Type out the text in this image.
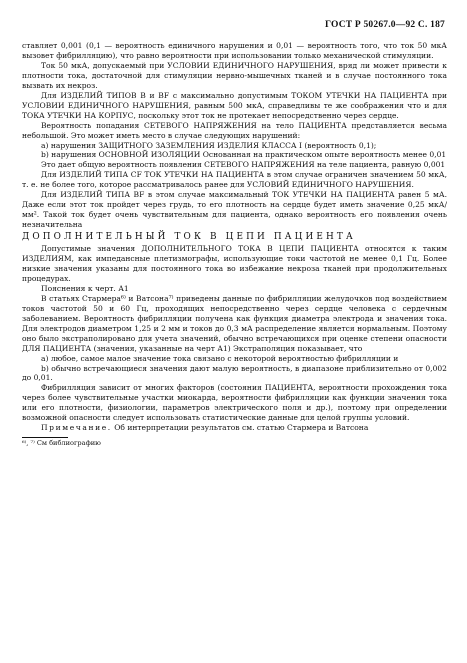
ГОСТ Р 50267.0—92 С. 187

ставляет 0,001 (0,1 — вероятность единичного нарушения и 0,01 — вероятность того, что ток 50 мкА вызовет фибрилляцию), что равно вероятности при использовании только механической стимуляции.

Ток 50 мкА, допускаемый при УСЛОВИИ ЕДИНИЧНОГО НАРУШЕНИЯ, вряд ли может привести к плотности тока, достаточной для стимуляции нервно-мышечных тканей и в случае постоянного тока вызвать их некроз.

Для ИЗДЕЛИЙ ТИПОВ В и BF с максимально допустимым ТОКОМ УТЕЧКИ НА ПАЦИЕНТА при УСЛОВИИ ЕДИНИЧНОГО НАРУШЕНИЯ, равным 500 мкА, справедливы те же соображения что и для ТОКА УТЕЧКИ НА КОРПУС, поскольку этот ток не протекает непосредственно через сердце.

Вероятность попадания СЕТЕВОГО НАПРЯЖЕНИЯ на тело ПАЦИЕНТА представляется весьма небольшой. Это может иметь место в случае следующих нарушений:

а) нарушения ЗАЩИТНОГО ЗАЗЕМЛЕНИЯ ИЗДЕЛИЯ КЛАССА I (вероятность 0,1);

b) нарушения ОСНОВНОЙ ИЗОЛЯЦИИ Основанная на практическом опыте вероятность менее 0,01

Это дает общую вероятность появления СЕТЕВОГО НАПРЯЖЕНИЯ на теле пациента, равную 0,001

Для ИЗДЕЛИЙ ТИПА CF ТОК УТЕЧКИ НА ПАЦИЕНТА в этом случае ограничен значением 50 мкА, т. е. не более того, которое рассматривалось ранее для УСЛОВИЙ ЕДИНИЧНОГО НАРУШЕНИЯ.

Для ИЗДЕЛИЙ ТИПА BF в этом случае максимальный ТОК УТЕЧКИ НА ПАЦИЕНТА равен 5 мА. Даже если этот ток пройдет через грудь, то его плотность на сердце будет иметь значение 0,25 мкА/мм². Такой ток будет очень чувствительным для пациента, однако вероятность его появления очень незначительна

ДОПОЛНИТЕЛЬНЫЙ ТОК В ЦЕПИ ПАЦИЕНТА

Допустимые значения ДОПОЛНИТЕЛЬНОГО ТОКА В ЦЕПИ ПАЦИЕНТА относятся к таким ИЗДЕЛИЯМ, как импедансные плетизмографы, использующие токи частотой не менее 0,1 Гц. Более низкие значения указаны для постоянного тока во избежание некроза тканей при продолжительных процедурах.

Пояснения к черт. А1

В статьях Стармера⁶⁾ и Ватсона⁷⁾ приведены данные по фибрилляции желудочков под воздействием токов частотой 50 и 60 Гц, проходящих непосредственно через сердце человека с сердечным заболеванием. Вероятность фибрилляции получена как функция диаметра электрода и значения тока. Для электродов диаметром 1,25 и 2 мм и токов до 0,3 мА распределение является нормальным. Поэтому оно было экстраполировано для учета значений, обычно встречающихся при оценке степени опасности ДЛЯ ПАЦИЕНТА (значения, указанные на черт А1) Экстраполяция показывает, что

а) любое, самое малое значение тока связано с некоторой вероятностью фибрилляции и

b) обычно встречающиеся значения дают малую вероятность, в диапазоне приблизительно от 0,002 до 0,01.

Фибрилляция зависит от многих факторов (состояния ПАЦИЕНТА, вероятности прохождения тока через более чувствительные участки миокарда, вероятности фибрилляции как функции значения тока или его плотности, физиологии, параметров электрического поля и др.), поэтому при определении возможной опасности следует использовать статистические данные для целой группы условий.

Примечание. Об интерпретации результатов см. статью Стармера и Ватсона

⁶⁾, ⁷⁾ См библиографию
